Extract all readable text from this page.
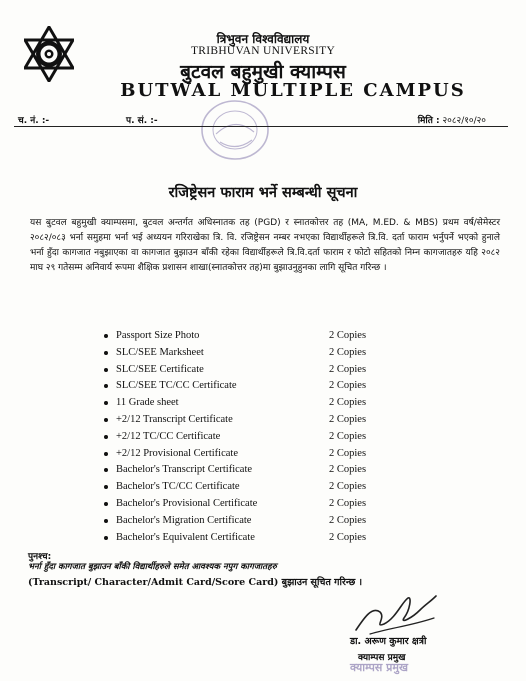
त्रिभुवन विश्वविद्यालय
TRIBHUVAN UNIVERSITY
बुटवल बहुमुखी क्याम्पस
BUTWAL MULTIPLE CAMPUS
च. नं. :-	प. सं. :-	मिति : २०८२/१०/२०
रजिष्ट्रेसन फाराम भर्ने सम्बन्धी सूचना
यस बुटवल बहुमुखी क्याम्पसमा, बुटवल अन्तर्गत अधिस्नातक तह (PGD) र स्नातकोत्तर तह (MA, M.ED. & MBS) प्रथम वर्ष/सेमेस्टर २०८२/०८३ भर्ना समुहमा भर्ना भई अध्ययन गरिराखेका त्रि. वि. रजिष्ट्रेसन नम्बर नभएका विद्यार्थीहरूले त्रि.वि. दर्ता फाराम भर्नुपर्ने भएको हुनाले भर्ना हुँदा कागजात नबुझाएका वा कागजात बुझाउन बाँकी रहेका विद्यार्थीहरूले त्रि.वि.दर्ता फाराम र फोटो सहितको निम्न कागजातहरु यहि २०८२ माघ २९ गतेसम्म अनिवार्य रूपमा शैक्षिक प्रशासन शाखा(स्नातकोत्तर तह)मा बुझाउनुहुनका लागि सूचित गरिन्छ ।
Passport Size Photo	2 Copies
SLC/SEE Marksheet	2 Copies
SLC/SEE Certificate	2 Copies
SLC/SEE TC/CC Certificate	2 Copies
11 Grade sheet	2 Copies
+2/12 Transcript Certificate	2 Copies
+2/12 TC/CC Certificate	2 Copies
+2/12 Provisional Certificate	2 Copies
Bachelor's Transcript Certificate	2 Copies
Bachelor's TC/CC Certificate	2 Copies
Bachelor's Provisional Certificate	2 Copies
Bachelor's Migration Certificate	2 Copies
Bachelor's Equivalent Certificate	2 Copies
पुनश्च:
भर्ना हुँदा कागजात बुझाउन बाँकी विद्यार्थीहरुले समेत आवश्यक नपुग कागजातहरु
(Transcript/ Character/Admit Card/Score Card) बुझाउन सूचित गरिन्छ ।
डा. अरूण कुमार क्षत्री
क्याम्पस प्रमुख
क्याम्पस प्रमुख
